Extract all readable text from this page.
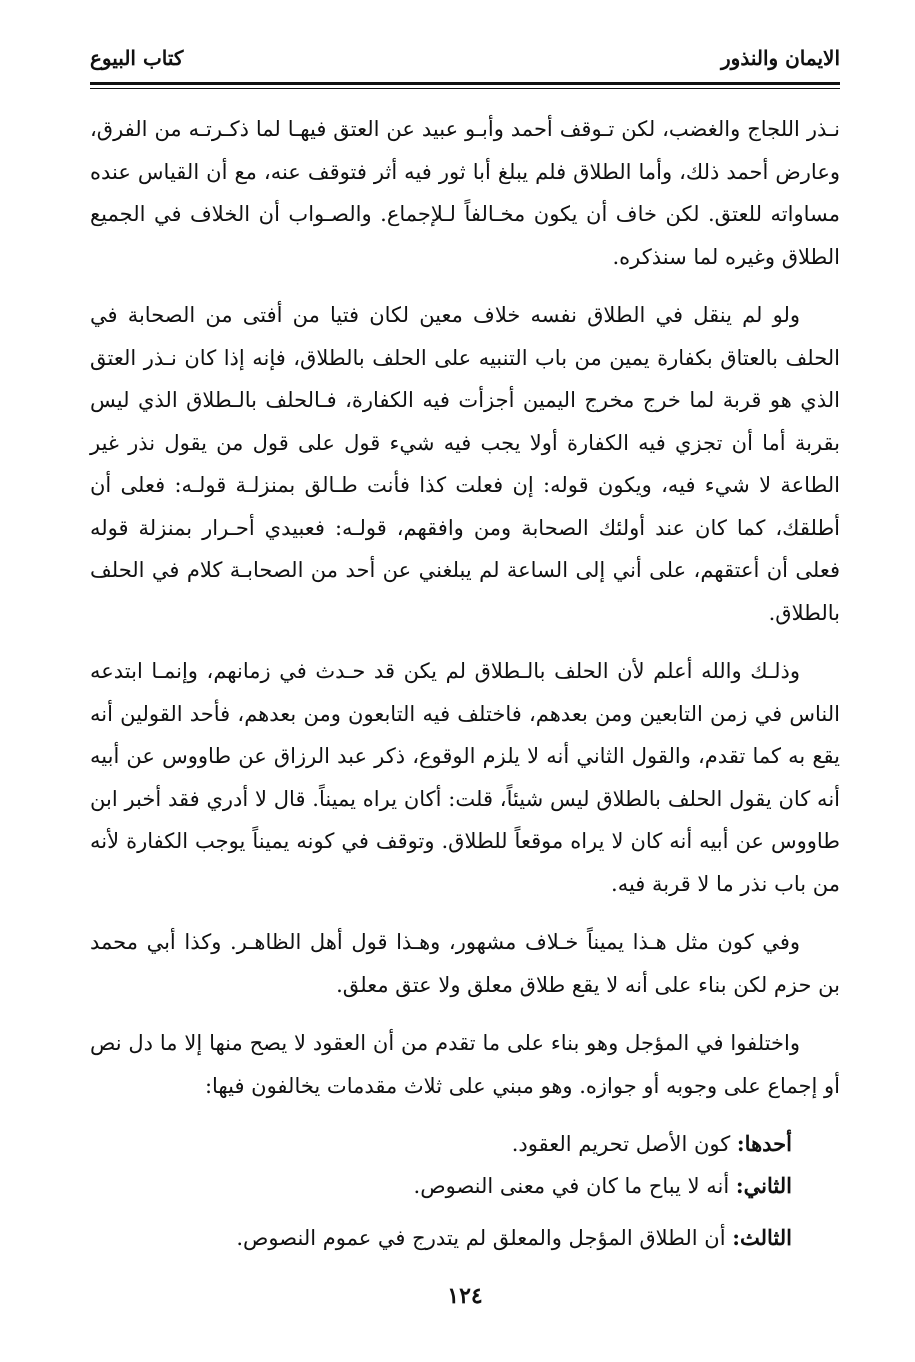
الايمان والنذور
كتاب البيوع

نـذر اللجاج والغضب، لكن تـوقف أحمد وأبـو عبيد عن العتق فيهـا لما ذكـرتـه من الفرق، وعارض أحمد ذلك، وأما الطلاق فلم يبلغ أبا ثور فيه أثر فتوقف عنه، مع أن القياس عنده مساواته للعتق. لكن خاف أن يكون مخـالفاً لـلإجماع. والصـواب أن الخلاف في الجميع الطلاق وغيره لما سنذكره.

ولو لم ينقل في الطلاق نفسه خلاف معين لكان فتيا من أفتى من الصحابة في الحلف بالعتاق بكفارة يمين من باب التنبيه على الحلف بالطلاق، فإنه إذا كان نـذر العتق الذي هو قربة لما خرج مخرج اليمين أجزأت فيه الكفارة، فـالحلف بالـطلاق الذي ليس بقربة أما أن تجزي فيه الكفارة أولا يجب فيه شيء قول على قول من يقول نذر غير الطاعة لا شيء فيه، ويكون قوله: إن فعلت كذا فأنت طـالق بمنزلـة قولـه: فعلى أن أطلقك، كما كان عند أولئك الصحابة ومن وافقهم، قولـه: فعبيدي أحـرار بمنزلة قوله فعلى أن أعتقهم، على أني إلى الساعة لم يبلغني عن أحد من الصحابـة كلام في الحلف بالطلاق.

وذلـك والله أعلم لأن الحلف بالـطلاق لم يكن قد حـدث في زمانهم، وإنمـا ابتدعه الناس في زمن التابعين ومن بعدهم، فاختلف فيه التابعون ومن بعدهم، فأحد القولين أنه يقع به كما تقدم، والقول الثاني أنه لا يلزم الوقوع، ذكر عبد الرزاق عن طاووس عن أبيه أنه كان يقول الحلف بالطلاق ليس شيئاً، قلت: أكان يراه يميناً. قال لا أدري فقد أخبر ابن طاووس عن أبيه أنه كان لا يراه موقعاً للطلاق. وتوقف في كونه يميناً يوجب الكفارة لأنه من باب نذر ما لا قربة فيه.

وفي كون مثل هـذا يميناً خـلاف مشهور، وهـذا قول أهل الظاهـر. وكذا أبي محمد بن حزم لكن بناء على أنه لا يقع طلاق معلق ولا عتق معلق.

واختلفوا في المؤجل وهو بناء على ما تقدم من أن العقود لا يصح منها إلا ما دل نص أو إجماع على وجوبه أو جوازه. وهو مبني على ثلاث مقدمات يخالفون فيها:

أحدها: كون الأصل تحريم العقود.
الثاني: أنه لا يباح ما كان في معنى النصوص.
الثالث: أن الطلاق المؤجل والمعلق لم يتدرج في عموم النصوص.
١٢٤
